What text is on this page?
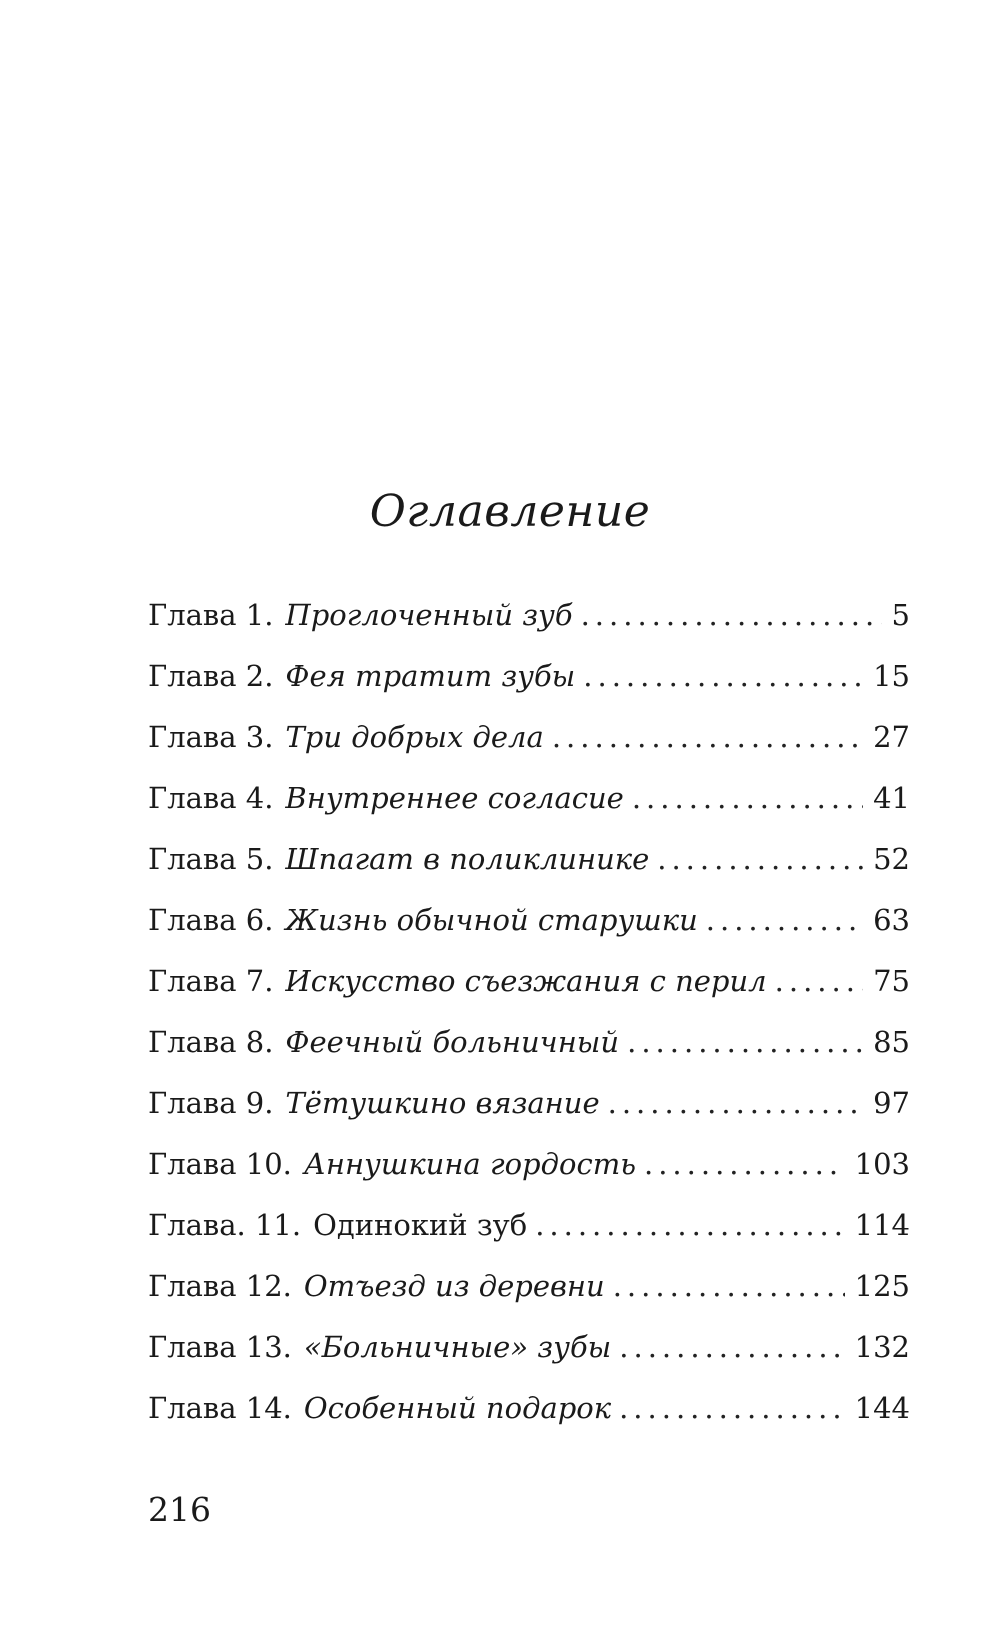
Оглавление
Глава 1. Проглоченный зуб .....	5
Глава 2. Фея тратит зубы .....	15
Глава 3. Три добрых дела .....	27
Глава 4. Внутреннее согласие .....	41
Глава 5. Шпагат в поликлинике .....	52
Глава 6. Жизнь обычной старушки .....	63
Глава 7. Искусство съезжания с перил .....	75
Глава 8. Феечный больничный .....	85
Глава 9. Тётушкино вязание .....	97
Глава 10. Аннушкина гордость .....	103
Глава. 11. Одинокий зуб .....	114
Глава 12. Отъезд из деревни .....	125
Глава 13. «Больничные» зубы .....	132
Глава 14. Особенный подарок .....	144
216
